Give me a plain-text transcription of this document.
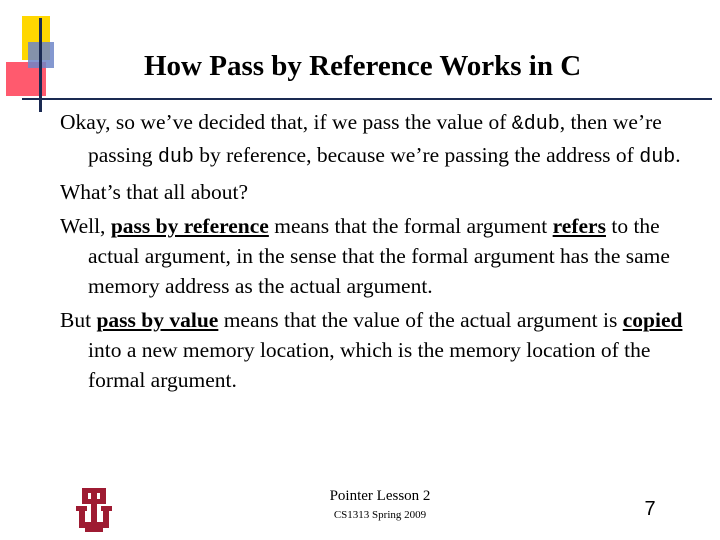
How Pass by Reference Works in C

Okay, so we’ve decided that, if we pass the value of &dub, then we’re passing dub by reference, because we’re passing the address of dub.

What’s that all about?

Well, pass by reference means that the formal argument refers to the actual argument, in the sense that the formal argument has the same memory address as the actual argument.

But pass by value means that the value of the actual argument is copied into a new memory location, which is the memory location of the formal argument.

Pointer Lesson 2
CS1313 Spring 2009	7
